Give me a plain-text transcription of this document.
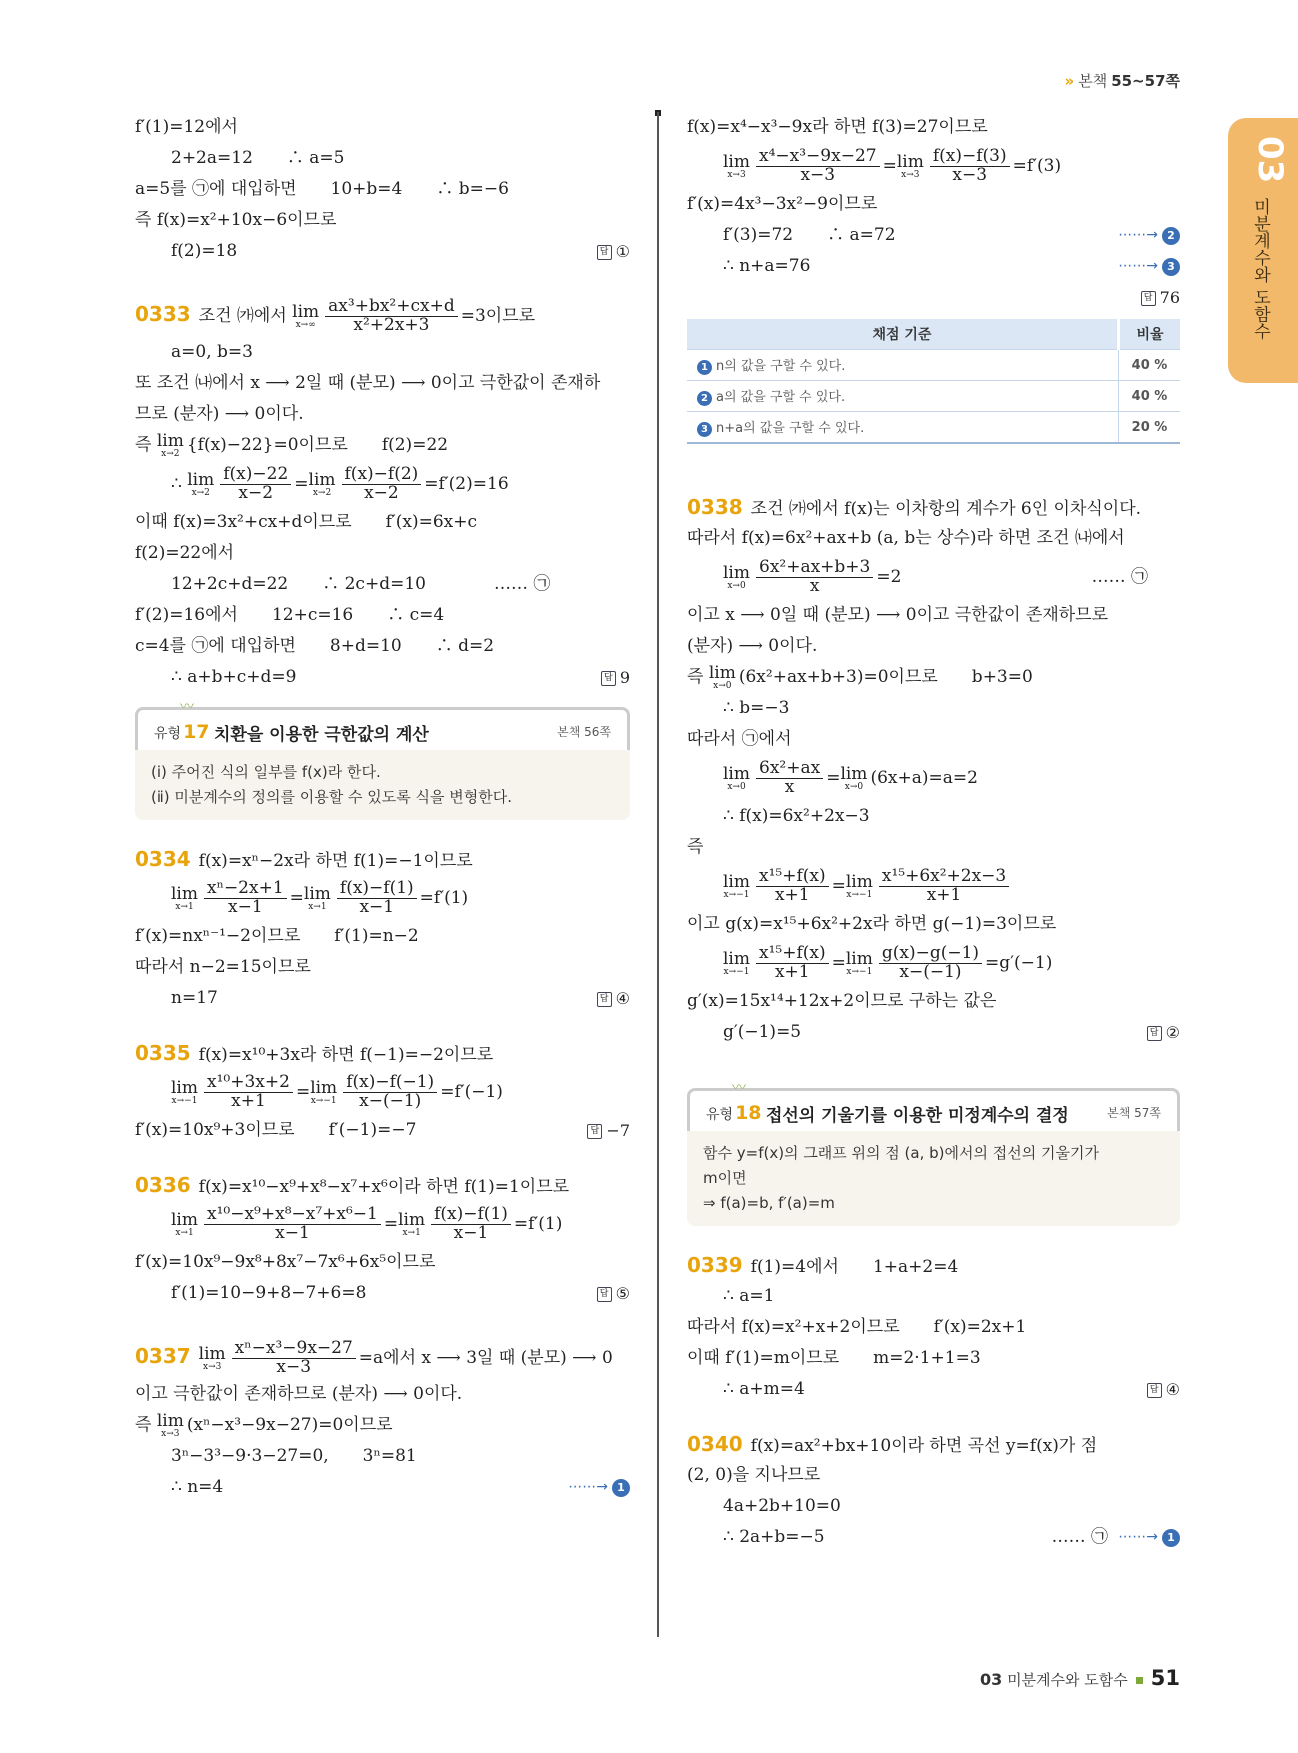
» 본책 55~57쪽
03
미분계수와 도함수
f′(1)=12에서
2+2a=12　　∴ a=5
a=5를 ㉠에 대입하면　　10+b=4　　∴ b=−6
즉 f(x)=x²+10x−6이므로
f(2)=18	답 ①
0333 조건 ㈎에서 lim
$x\to\infty \frac{\text{ax³+bx²+cx+d}}{\text{x²+2x+3}} =3$이므로
a=0, b=3
또 조건 ㈏에서 x ⟶ 2일 때 (분모) ⟶ 0이고 극한값이 존재하
므로 (분자) ⟶ 0이다.
즉 lim
x→2 {f(x)−22}=0이므로　　f(2)=22
∴ lim
$x\to 2 \frac{f(x)-22}{x-2} =\lim$
$x\to 2 \frac{f(x)-f(2)}{x-2} =f'(2)=16$
이때 f(x)=3x²+cx+d이므로　　f′(x)=6x+c
f(2)=22에서
12+2c+d=22　　∴ 2c+d=10　　　　…… ㉠
f′(2)=16에서　　12+c=16　　∴ c=4
c=4를 ㉠에 대입하면　　8+d=10　　∴ d=2
∴ a+b+c+d=9	답 9
〰
유형 17 치환을 이용한 극한값의 계산	본책 56쪽
(ⅰ) 주어진 식의 일부를 f(x)라 한다.
(ⅱ) 미분계수의 정의를 이용할 수 있도록 식을 변형한다.
0334 f(x)=xⁿ−2x라 하면 f(1)=−1이므로
lim
$x\to 1 \frac{\text{xⁿ−2x+1}}{x-1} =\lim$
$x\to 1 \frac{f(x)-f(1)}{x-1} =f'(1)$
f′(x)=nxⁿ⁻¹−2이므로　　f′(1)=n−2
따라서 n−2=15이므로
n=17	답 ④
0335 f(x)=x¹⁰+3x라 하면 f(−1)=−2이므로
lim
$x\to-1 \frac{\text{x¹⁰+3x+2}}{x+1} =\lim$
$x\to-1 \frac{f(x)-f(-1)}{x-(-1)} =f'(-1)$
f′(x)=10x⁹+3이므로　　f′(−1)=−7	답 −7
0336 f(x)=x¹⁰−x⁹+x⁸−x⁷+x⁶이라 하면 f(1)=1이므로
lim
$x\to 1 \frac{\text{x¹⁰−x⁹+x⁸−x⁷+x⁶−1}}{x-1} =\lim$
$x\to 1 \frac{f(x)-f(1)}{x-1} =f'(1)$
f′(x)=10x⁹−9x⁸+8x⁷−7x⁶+6x⁵이므로
f′(1)=10−9+8−7+6=8	답 ⑤
0337 lim
$x\to 3 \frac{\text{xⁿ−x³−9x−27}}{x-3} =a$에서 x ⟶ 3일 때 (분모) ⟶ 0
이고 극한값이 존재하므로 (분자) ⟶ 0이다.
즉 lim
x→3 (xⁿ−x³−9x−27)=0이므로
3ⁿ−3³−9·3−27=0,　　3ⁿ=81
∴ n=4	⋯⋯→ 1
f(x)=x⁴−x³−9x라 하면 f(3)=27이므로
lim
$x\to 3 \frac{\text{x⁴−x³−9x−27}}{x-3} =\lim$
$x\to 3 \frac{f(x)-f(3)}{x-3} =f'(3)$
f′(x)=4x³−3x²−9이므로
f′(3)=72　　∴ a=72	⋯⋯→ 2
∴ n+a=76	⋯⋯→ 3
답 76
채점 기준	비율
1 n의 값을 구할 수 있다.	40 %
2 a의 값을 구할 수 있다.	40 %
3 n+a의 값을 구할 수 있다.	20 %
0338 조건 ㈎에서 f(x)는 이차항의 계수가 6인 이차식이다.
따라서 f(x)=6x²+ax+b (a, b는 상수)라 하면 조건 ㈏에서
lim
$x\to 0 \frac{\text{6x²+ax+b+3}}{x} =2$	…… ㉠
이고 x ⟶ 0일 때 (분모) ⟶ 0이고 극한값이 존재하므로
(분자) ⟶ 0이다.
즉 lim
x→0 (6x²+ax+b+3)=0이므로　　b+3=0
∴ b=−3
따라서 ㉠에서
lim
$x\to 0 \frac{\text{6x²+ax}}{x} =\lim$
x→0 (6x+a)=a=2
∴ f(x)=6x²+2x−3
즉
lim
$x\to-1 \frac{\text{x¹⁵+f(x)}}{x+1} =\lim$
$x\to-1 \frac{\text{x¹⁵+6x²+2x−3}}{x+1}$
이고 g(x)=x¹⁵+6x²+2x라 하면 g(−1)=3이므로
lim
$x\to-1 \frac{\text{x¹⁵+f(x)}}{x+1} =\lim$
$x\to-1 \frac{g(x)-g(-1)}{x-(-1)} =g'(-1)$
g′(x)=15x¹⁴+12x+2이므로 구하는 값은
g′(−1)=5	답 ②
〰
유형 18 접선의 기울기를 이용한 미정계수의 결정	본책 57쪽
함수 y=f(x)의 그래프 위의 점 (a, b)에서의 접선의 기울기가
m이면
⇒ f(a)=b, f′(a)=m
0339 f(1)=4에서　　1+a+2=4
∴ a=1
따라서 f(x)=x²+x+2이므로　　f′(x)=2x+1
이때 f′(1)=m이므로　　m=2·1+1=3
∴ a+m=4	답 ④
0340 f(x)=ax²+bx+10이라 하면 곡선 y=f(x)가 점
(2, 0)을 지나므로
4a+2b+10=0
∴ 2a+b=−5	…… ㉠ ⋯⋯→ 1
03 미분계수와 도함수 51
